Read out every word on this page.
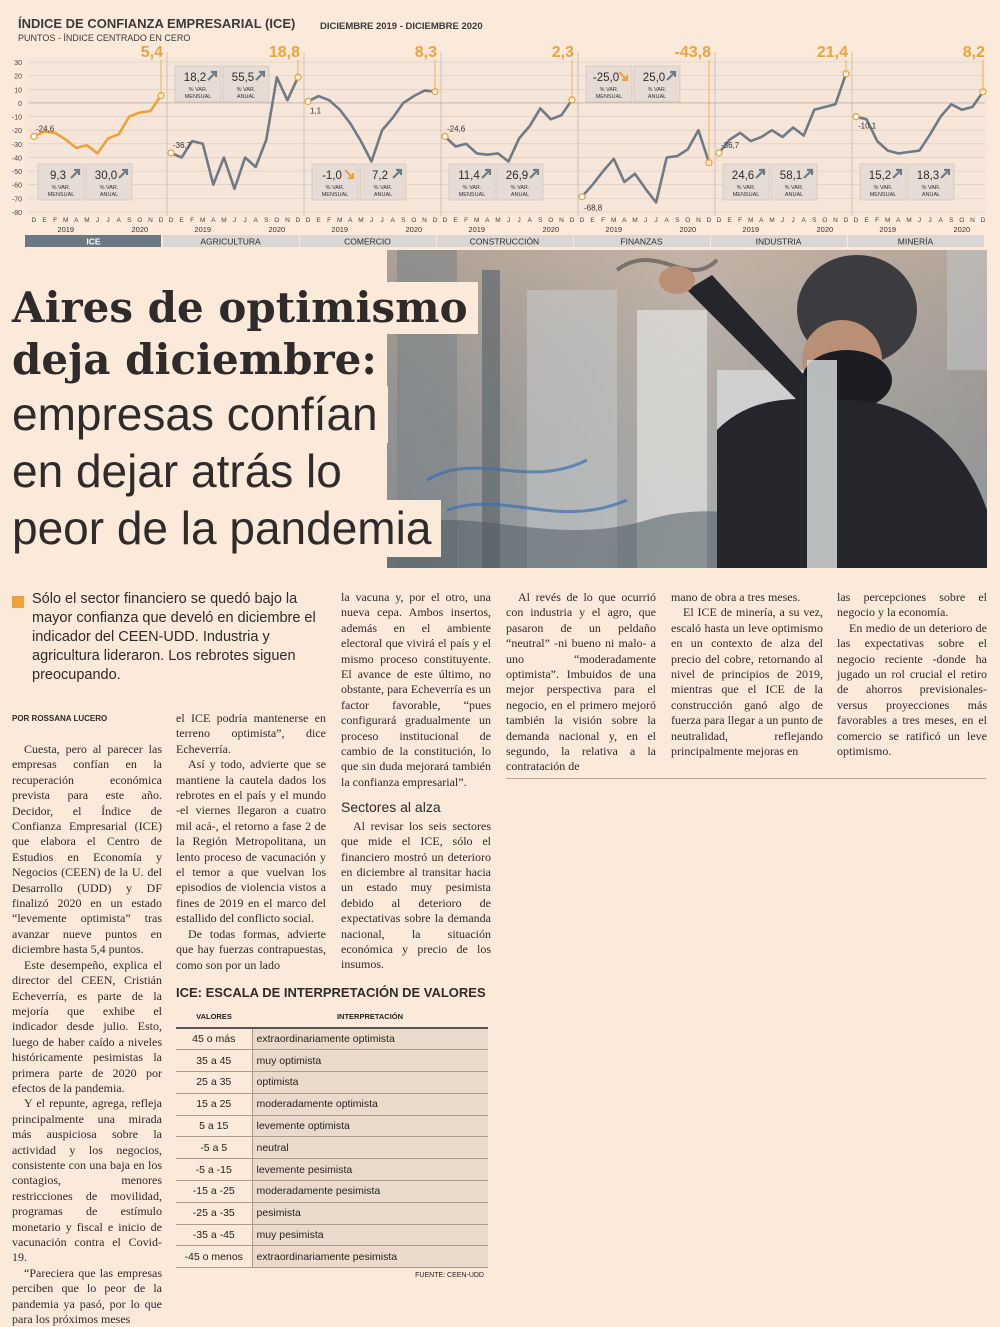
30
20
10
0
-10
-20
-30
-40
-50
-60
-70
-80
5,4
-24,6
9,3
% VAR.
MENSUAL
30,0
% VAR.
ANUAL
D E F M A M J J A S O N D
2019	2020
ICE
18,8
-36,7
18,2
% VAR.
MENSUAL
55,5
% VAR.
ANUAL
D E F M A M J J A S O N D
2019	2020
AGRICULTURA
8,3
1,1
-1,0
% VAR.
MENSUAL
7,2
% VAR.
ANUAL
D E F M A M J J A S O N D
2019	2020
COMERCIO
2,3
-24,6
11,4
% VAR.
MENSUAL
26,9
% VAR.
ANUAL
D E F M A M J J A S O N D
2019	2020
CONSTRUCCIÓN
-43,8
-68,8
-25,0
% VAR.
MENSUAL
25,0
% VAR.
ANUAL
D E F M A M J J A S O N D
2019	2020
FINANZAS
21,4
-36,7
24,6
% VAR.
MENSUAL
58,1
% VAR.
ANUAL
D E F M A M J J A S O N D
2019	2020
INDUSTRIA
8,2
-10,1
15,2
% VAR.
MENSUAL
18,3
% VAR.
ANUAL
D E F M A M J J A S O N D
2019	2020
MINERÍA
ÍNDICE DE CONFIANZA EMPRESARIAL (ICE)
PUNTOS - ÍNDICE CENTRADO EN CERO
DICIEMBRE 2019 - DICIEMBRE 2020
Aires de optimismo
deja diciembre:
empresas confían
en dejar atrás lo
peor de la pandemia
Sólo el sector financiero se quedó bajo la mayor confianza que develó en diciembre el indicador del CEEN-UDD. Industria y agricultura lideraron. Los rebrotes siguen preocupando.
POR ROSSANA LUCERO

Cuesta, pero al parecer las empresas confían en la recuperación económica prevista para este año. Decidor, el Índice de Confianza Empresarial (ICE) que elabora el Centro de Estudios en Economía y Negocios (CEEN) de la U. del Desarrollo (UDD) y DF finalizó 2020 en un estado “levemente optimista” tras avanzar nueve puntos en diciembre hasta 5,4 puntos.

Este desempeño, explica el director del CEEN, Cristián Echeverría, es parte de la mejoría que exhibe el indicador desde julio. Esto, luego de haber caído a niveles históricamente pesimistas la primera parte de 2020 por efectos de la pandemia.

Y el repunte, agrega, refleja principalmente una mirada más auspiciosa sobre la actividad y los negocios, consistente con una baja en los contagios, menores restricciones de movilidad, programas de estímulo monetario y fiscal e inicio de vacunación contra el Covid-19.

“Pareciera que las empresas perciben que lo peor de la pandemia ya pasó, por lo que para los próximos meses

el ICE podría mantenerse en terreno optimista”, dice Echeverría.

Así y todo, advierte que se mantiene la cautela dados los rebrotes en el país y el mundo -el viernes llegaron a cuatro mil acá-, el retorno a fase 2 de la Región Metropolitana, un lento proceso de vacunación y el temor a que vuelvan los episodios de violencia vistos a fines de 2019 en el marco del estallido del conflicto social.

De todas formas, advierte que hay fuerzas contrapuestas, como son por un lado

la vacuna y, por el otro, una nueva cepa. Ambos insertos, además en el ambiente electoral que vivirá el país y el mismo proceso constituyente. El avance de este último, no obstante, para Echeverría es un factor favorable, “pues configurará gradualmente un proceso institucional de cambio de la constitución, lo que sin duda mejorará también la confianza empresarial”.

Sectores al alza

Al revisar los seis sectores que mide el ICE, sólo el financiero mostró un deterioro en diciembre al transitar hacia un estado muy pesimista debido al deterioro de expectativas sobre la demanda nacional, la situación económica y precio de los insumos.

Al revés de lo que ocurrió con industria y el agro, que pasaron de un peldaño “neutral” -ni bueno ni malo- a uno “moderadamente optimista”. Imbuidos de una mejor perspectiva para el negocio, en el primero mejoró también la visión sobre la demanda nacional y, en el segundo, la relativa a la contratación de

mano de obra a tres meses.

El ICE de minería, a su vez, escaló hasta un leve optimismo en un contexto de alza del precio del cobre, retornando al nivel de principios de 2019, mientras que el ICE de la construcción ganó algo de fuerza para llegar a un punto de neutralidad, reflejando principalmente mejoras en

las percepciones sobre el negocio y la economía.

En medio de un deterioro de las expectativas sobre el negocio reciente -donde ha jugado un rol crucial el retiro de ahorros previsionales- versus proyecciones más favorables a tres meses, en el comercio se ratificó un leve optimismo.

ICE: ESCALA DE INTERPRETACIÓN DE VALORES
VALORES	INTERPRETACIÓN
45 o más	extraordinariamente optimista
35 a 45	muy optimista
25 a 35	optimista
15 a 25	moderadamente optimista
5 a 15	levemente optimista
-5 a 5	neutral
-5 a -15	levemente pesimista
-15 a -25	moderadamente pesimista
-25 a -35	pesimista
-35 a -45	muy pesimista
-45 o menos	extraordinariamente pesimista
FUENTE: CEEN-UDD
